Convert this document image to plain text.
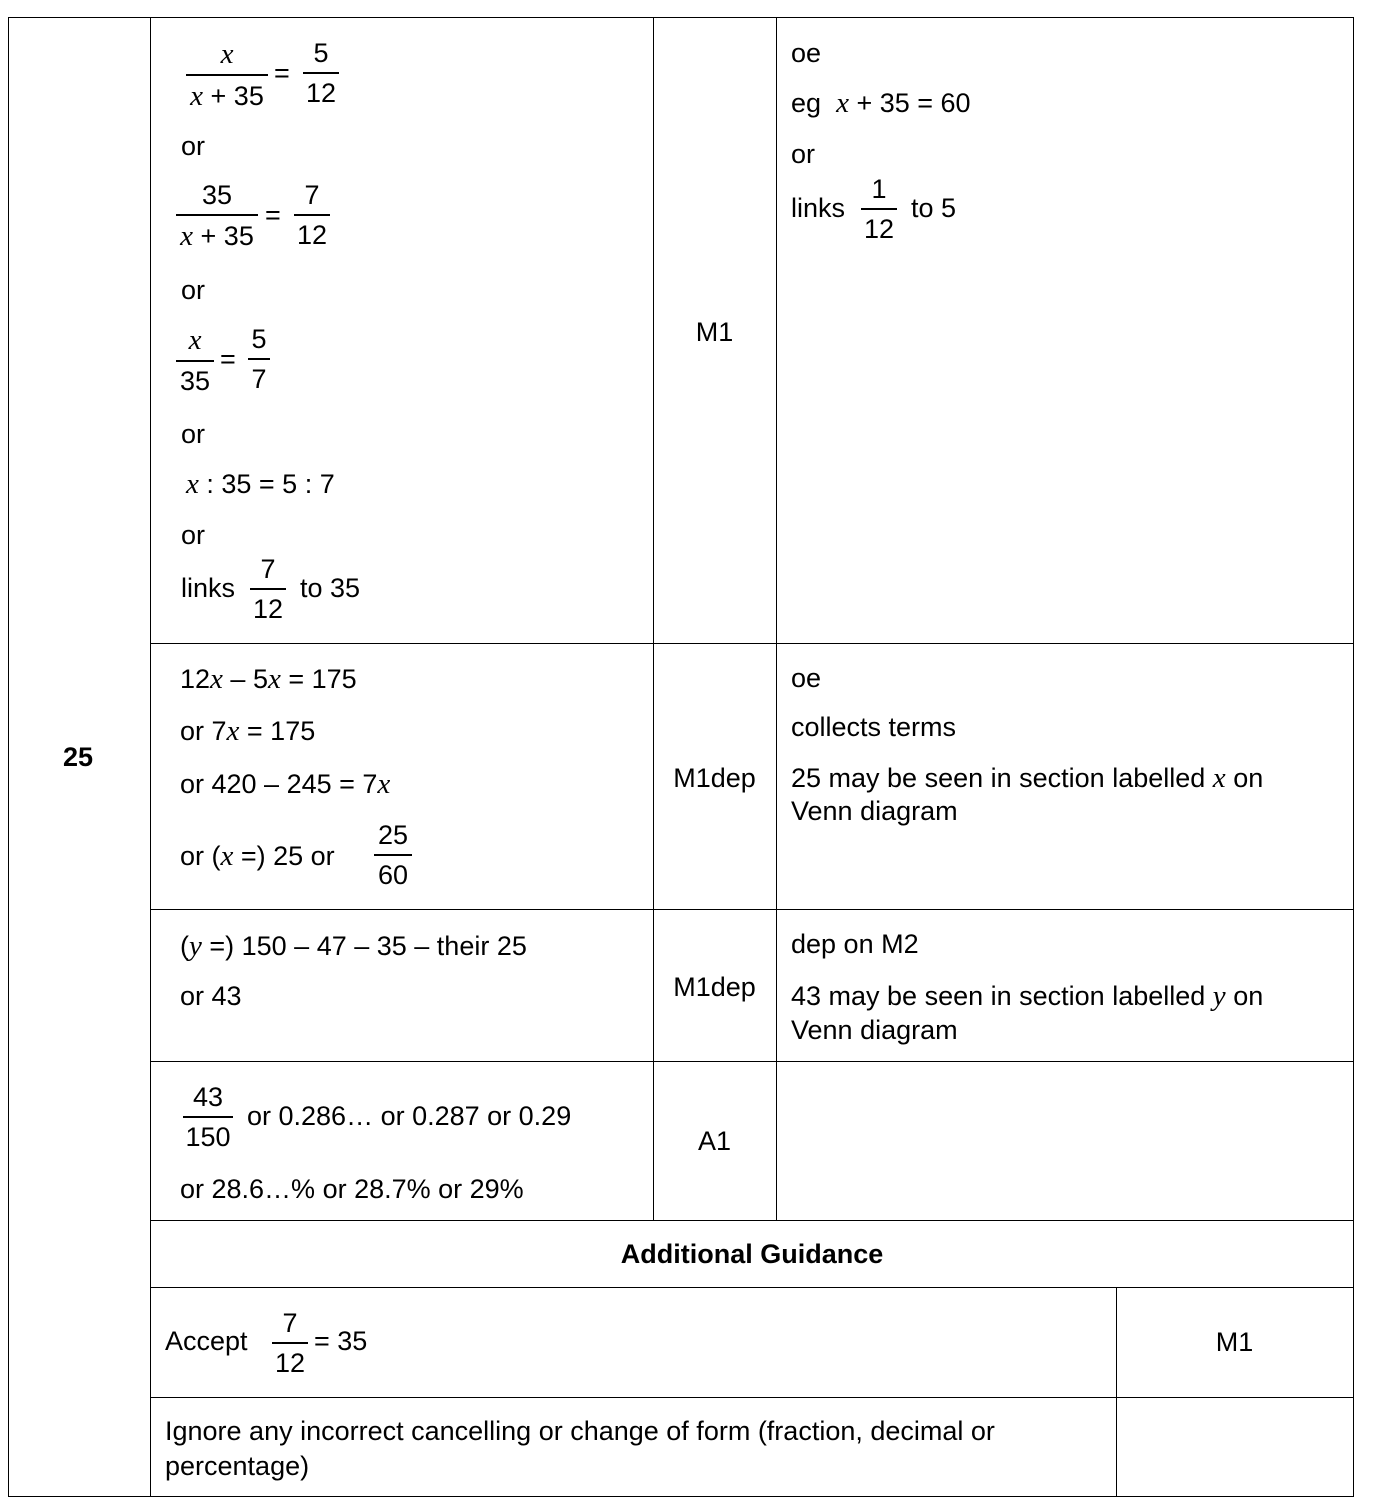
25
x
x + 35
=
5
12
or
35
x + 35
=
7
12
or
x
35
=
5
7
or
x : 35 = 5 : 7
or
links
7
12
to 35
M1
oe
eg x + 35 = 60
or
links
1
12
to 5
12x – 5x = 175
or 7x = 175
or 420 – 245 = 7x
or (x =) 25 or
25
60
M1dep
oe
collects terms
25 may be seen in section labelled x on
Venn diagram
(y =) 150 – 47 – 35 – their 25
or 43	M1dep
dep on M2
43 may be seen in section labelled y on
Venn diagram
43
150
or 0.286… or 0.287 or 0.29
or 28.6…% or 28.7% or 29%
A1
Additional Guidance
Accept
7
12
= 35	M1
Ignore any incorrect cancelling or change of form (fraction, decimal or percentage)
